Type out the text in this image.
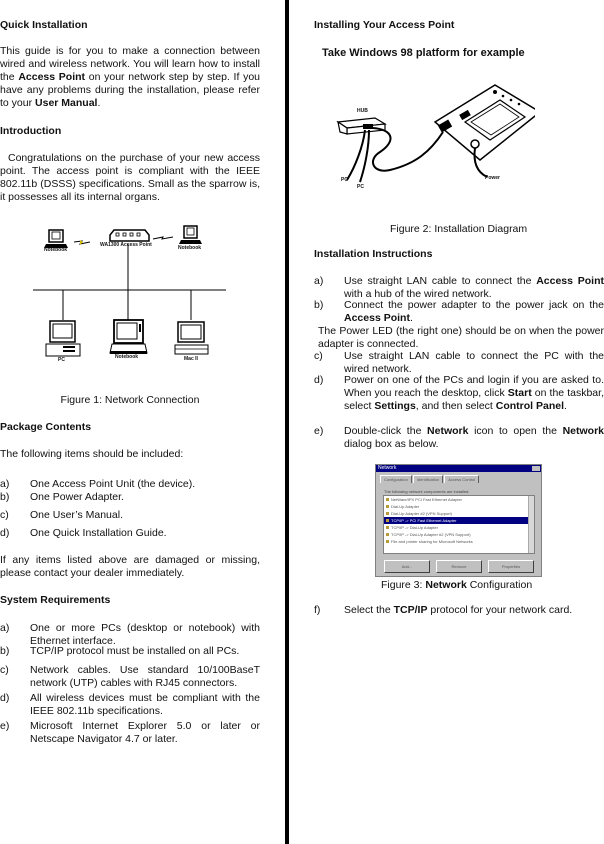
Quick Installation

This guide is for you to make a connection between wired and wireless network. You will learn how to install the Access Point on your network step by step. If you have any problems during the installation, please refer to your User Manual.

Introduction

Congratulations on the purchase of your new access point. The access point is compliant with the IEEE 802.11b (DSSS) specifications. Small as the sparrow is, it possesses all its internal organs.

Notebook
WA1300 Access Point	Notebook
PC	Notebook	Mac II
Figure 1: Network Connection
Package Contents
The following items should be included:
a) One Access Point Unit (the device).
b) One Power Adapter.
c) One User’s Manual.
d) One Quick Installation Guide.

If any items listed above are damaged or missing, please contact your dealer immediately.

System Requirements
a) One or more PCs (desktop or notebook) with Ethernet interface.
b) TCP/IP protocol must be installed on all PCs.
c) Network cables. Use standard 10/100BaseT network (UTP) cables with RJ45 connectors.
d) All wireless devices must be compliant with the IEEE 802.11b specifications.
e) Microsoft Internet Explorer 5.0 or later or Netscape Navigator 4.7 or later.
Installing Your Access Point
Take Windows 98 platform for example
HUB
PC
PC
Power
Figure 2: Installation Diagram
Installation Instructions
a) Use straight LAN cable to connect the Access Point with a hub of the wired network.
b) Connect the power adapter to the power jack on the Access Point.

The Power LED (the right one) should be on when the power adapter is connected.

c) Use straight LAN cable to connect the PC with the wired network.
d) Power on one of the PCs and login if you are asked to. When you reach the desktop, click Start on the taskbar, select Settings, and then select Control Panel.
e) Double-click the Network icon to open the Network dialog box as below.
Network
Configuration	Identification	Access Control
The following network components are installed:
NetWare/IPX PCI Fast Ethernet Adapter
Dial-Up Adapter
Dial-Up Adapter #2 (VPN Support)
TCP/IP -> PCI Fast Ethernet Adapter
TCP/IP -> Dial-Up Adapter
TCP/IP -> Dial-Up Adapter #2 (VPN Support)
File and printer sharing for Microsoft Networks
Add...	Remove	Properties
Figure 3: Network Configuration
f) Select the TCP/IP protocol for your network card.
